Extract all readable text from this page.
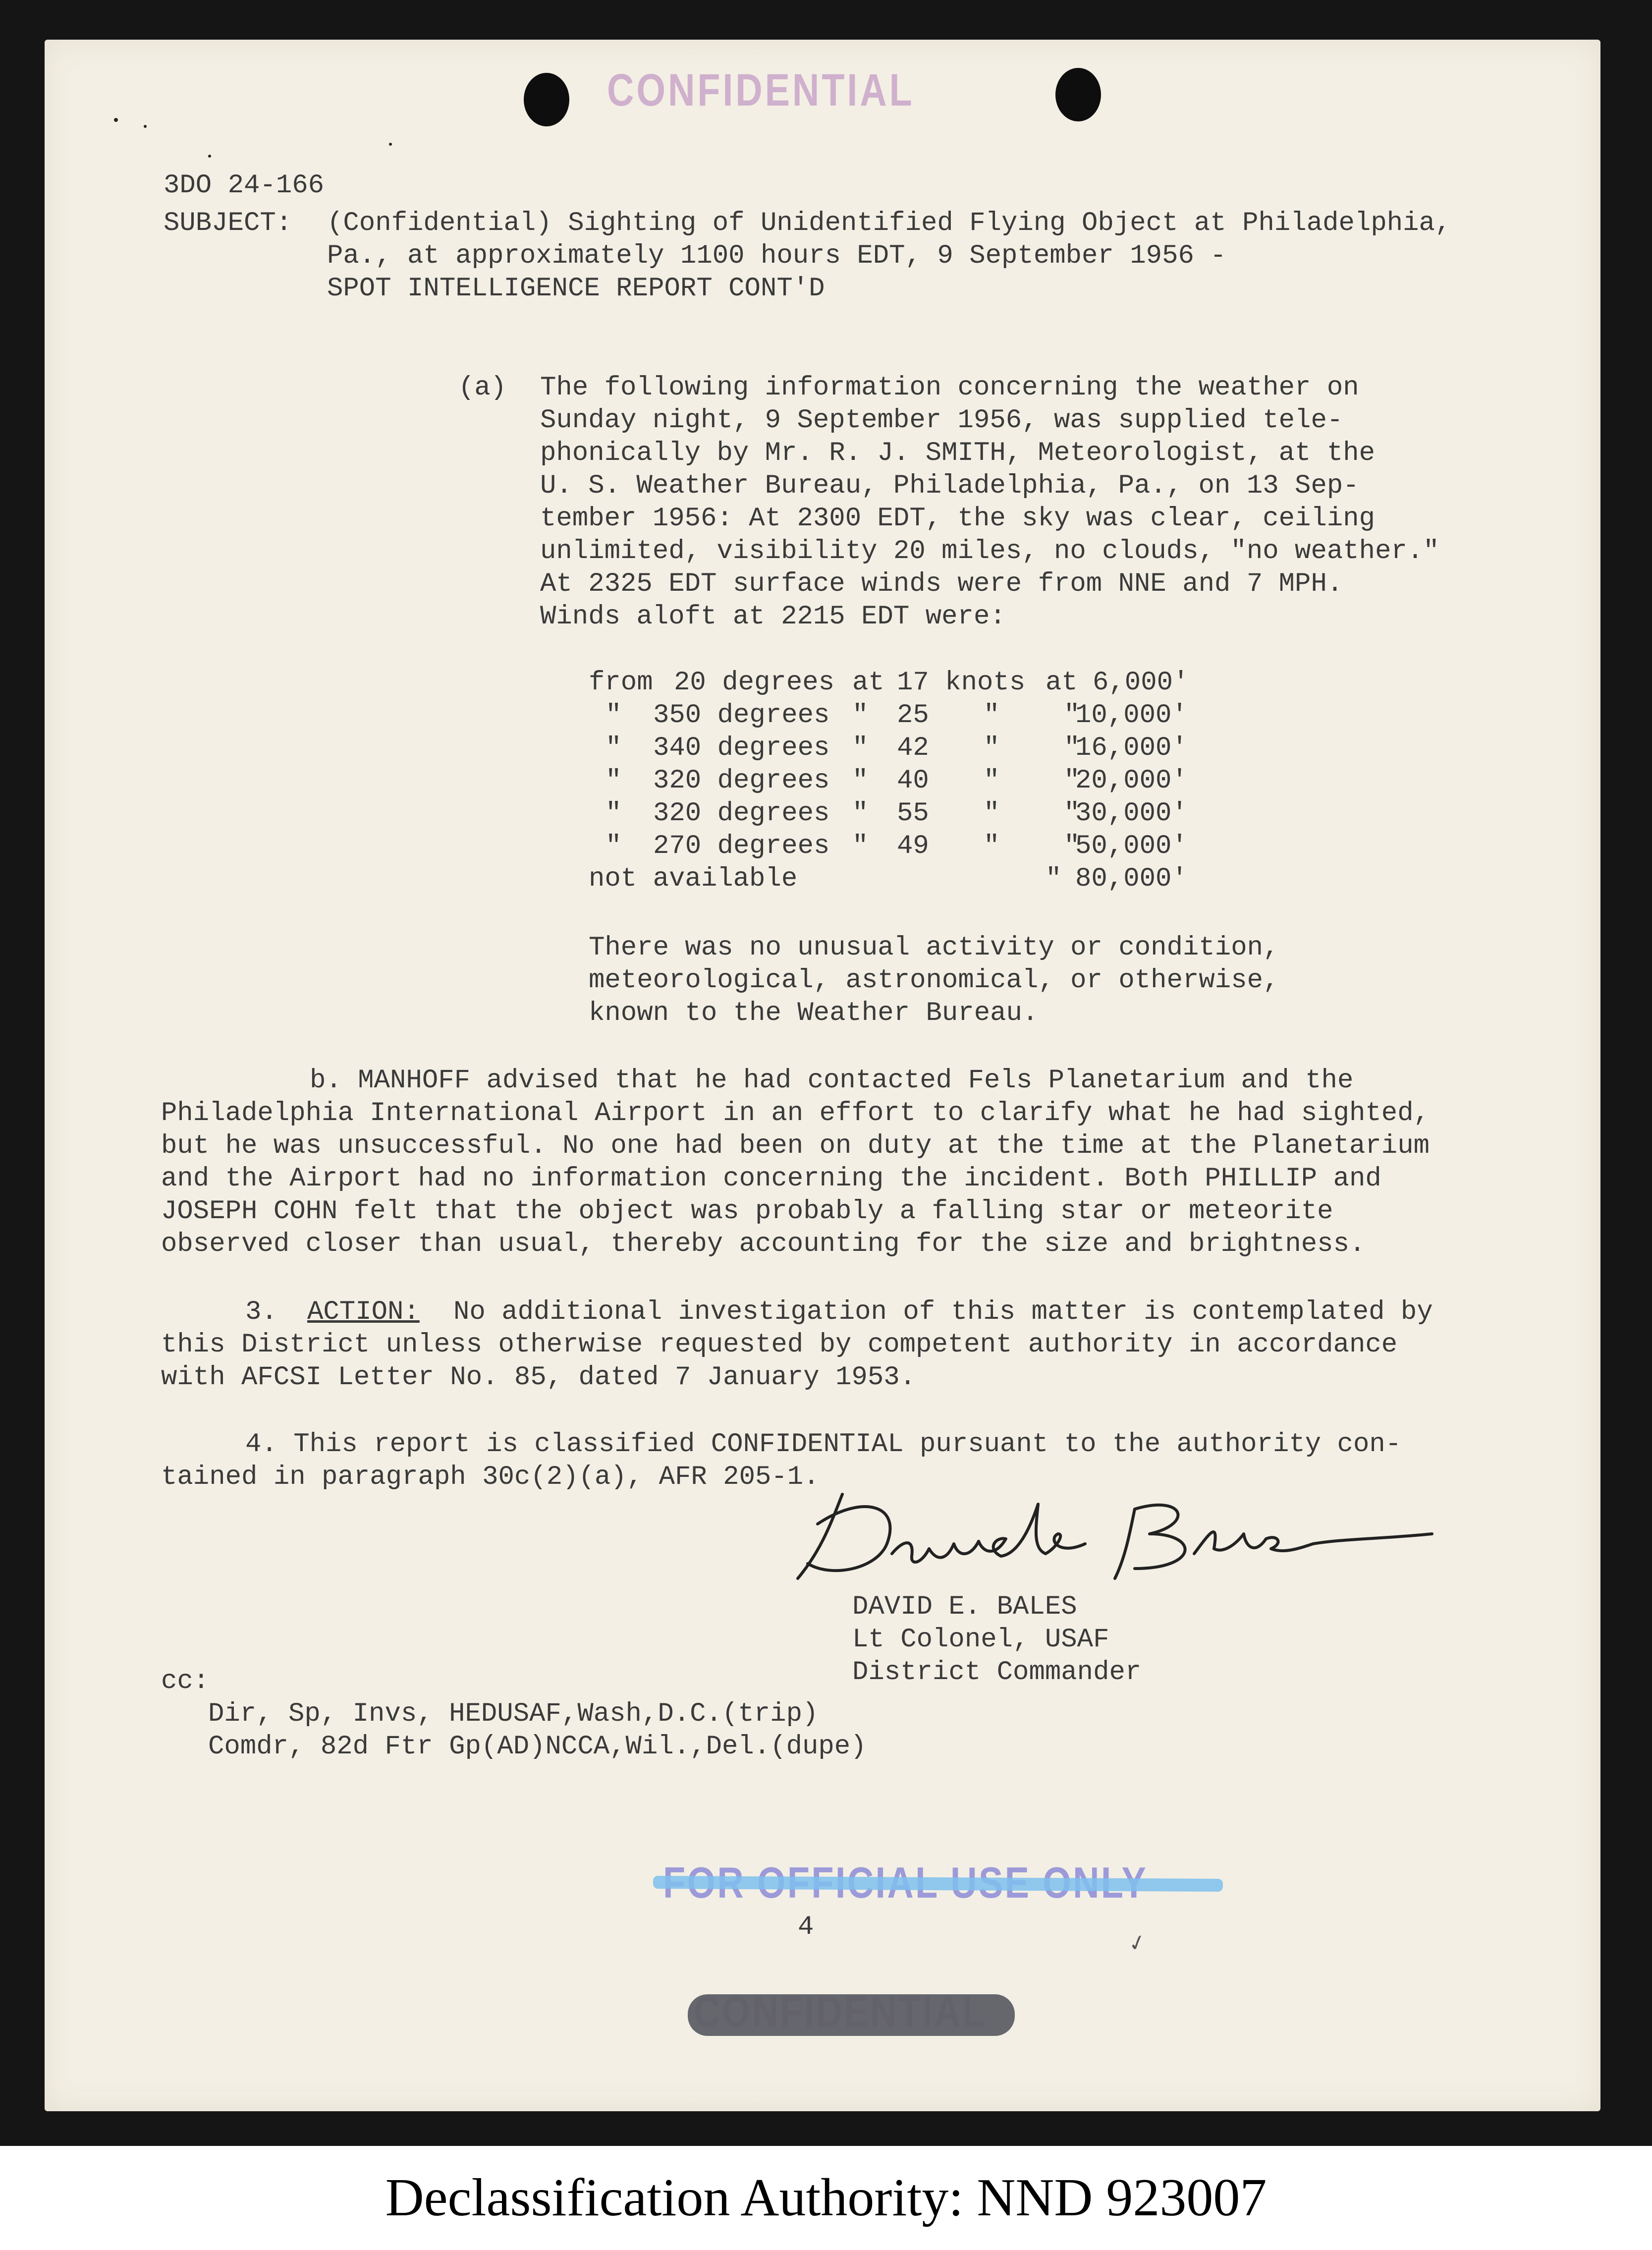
CONFIDENTIAL
3DO 24-166
SUBJECT: (Confidential) Sighting of Unidentified Flying Object at Philadelphia,
Pa., at approximately 1100 hours EDT, 9 September 1956 -
SPOT INTELLIGENCE REPORT CONT'D
(a) The following information concerning the weather on
Sunday night, 9 September 1956, was supplied tele-
phonically by Mr. R. J. SMITH, Meteorologist, at the
U. S. Weather Bureau, Philadelphia, Pa., on 13 Sep-
tember 1956: At 2300 EDT, the sky was clear, ceiling
unlimited, visibility 20 miles, no clouds, "no weather."
At 2325 EDT surface winds were from NNE and 7 MPH.
Winds aloft at 2215 EDT were:
from 20 degrees at 17 knots at 6,000'
" 350 degrees " 25 "    "
10,000'
" 340 degrees " 42 "    "
16,000'
" 320 degrees " 40 "    "
20,000'
" 320 degrees " 55 "    "
30,000'
" 270 degrees " 49 "    "
50,000'
not available	" 80,000'
There was no unusual activity or condition,
meteorological, astronomical, or otherwise,
known to the Weather Bureau.
b. MANHOFF advised that he had contacted Fels Planetarium and the
Philadelphia International Airport in an effort to clarify what he had sighted,
but he was unsuccessful. No one had been on duty at the time at the Planetarium
and the Airport had no information concerning the incident. Both PHILLIP and
JOSEPH COHN felt that the object was probably a falling star or meteorite
observed closer than usual, thereby accounting for the size and brightness.
3. ACTION: No additional investigation of this matter is contemplated by
this District unless otherwise requested by competent authority in accordance
with AFCSI Letter No. 85, dated 7 January 1953.
4. This report is classified CONFIDENTIAL pursuant to the authority con-
tained in paragraph 30c(2)(a), AFR 205-1.
DAVID E. BALES
Lt Colonel, USAF
District Commander
cc:
Dir, Sp, Invs, HEDUSAF,Wash,D.C.(trip)
Comdr, 82d Ftr Gp(AD)NCCA,Wil.,Del.(dupe)
4
✓
Declassification Authority: NND 923007
